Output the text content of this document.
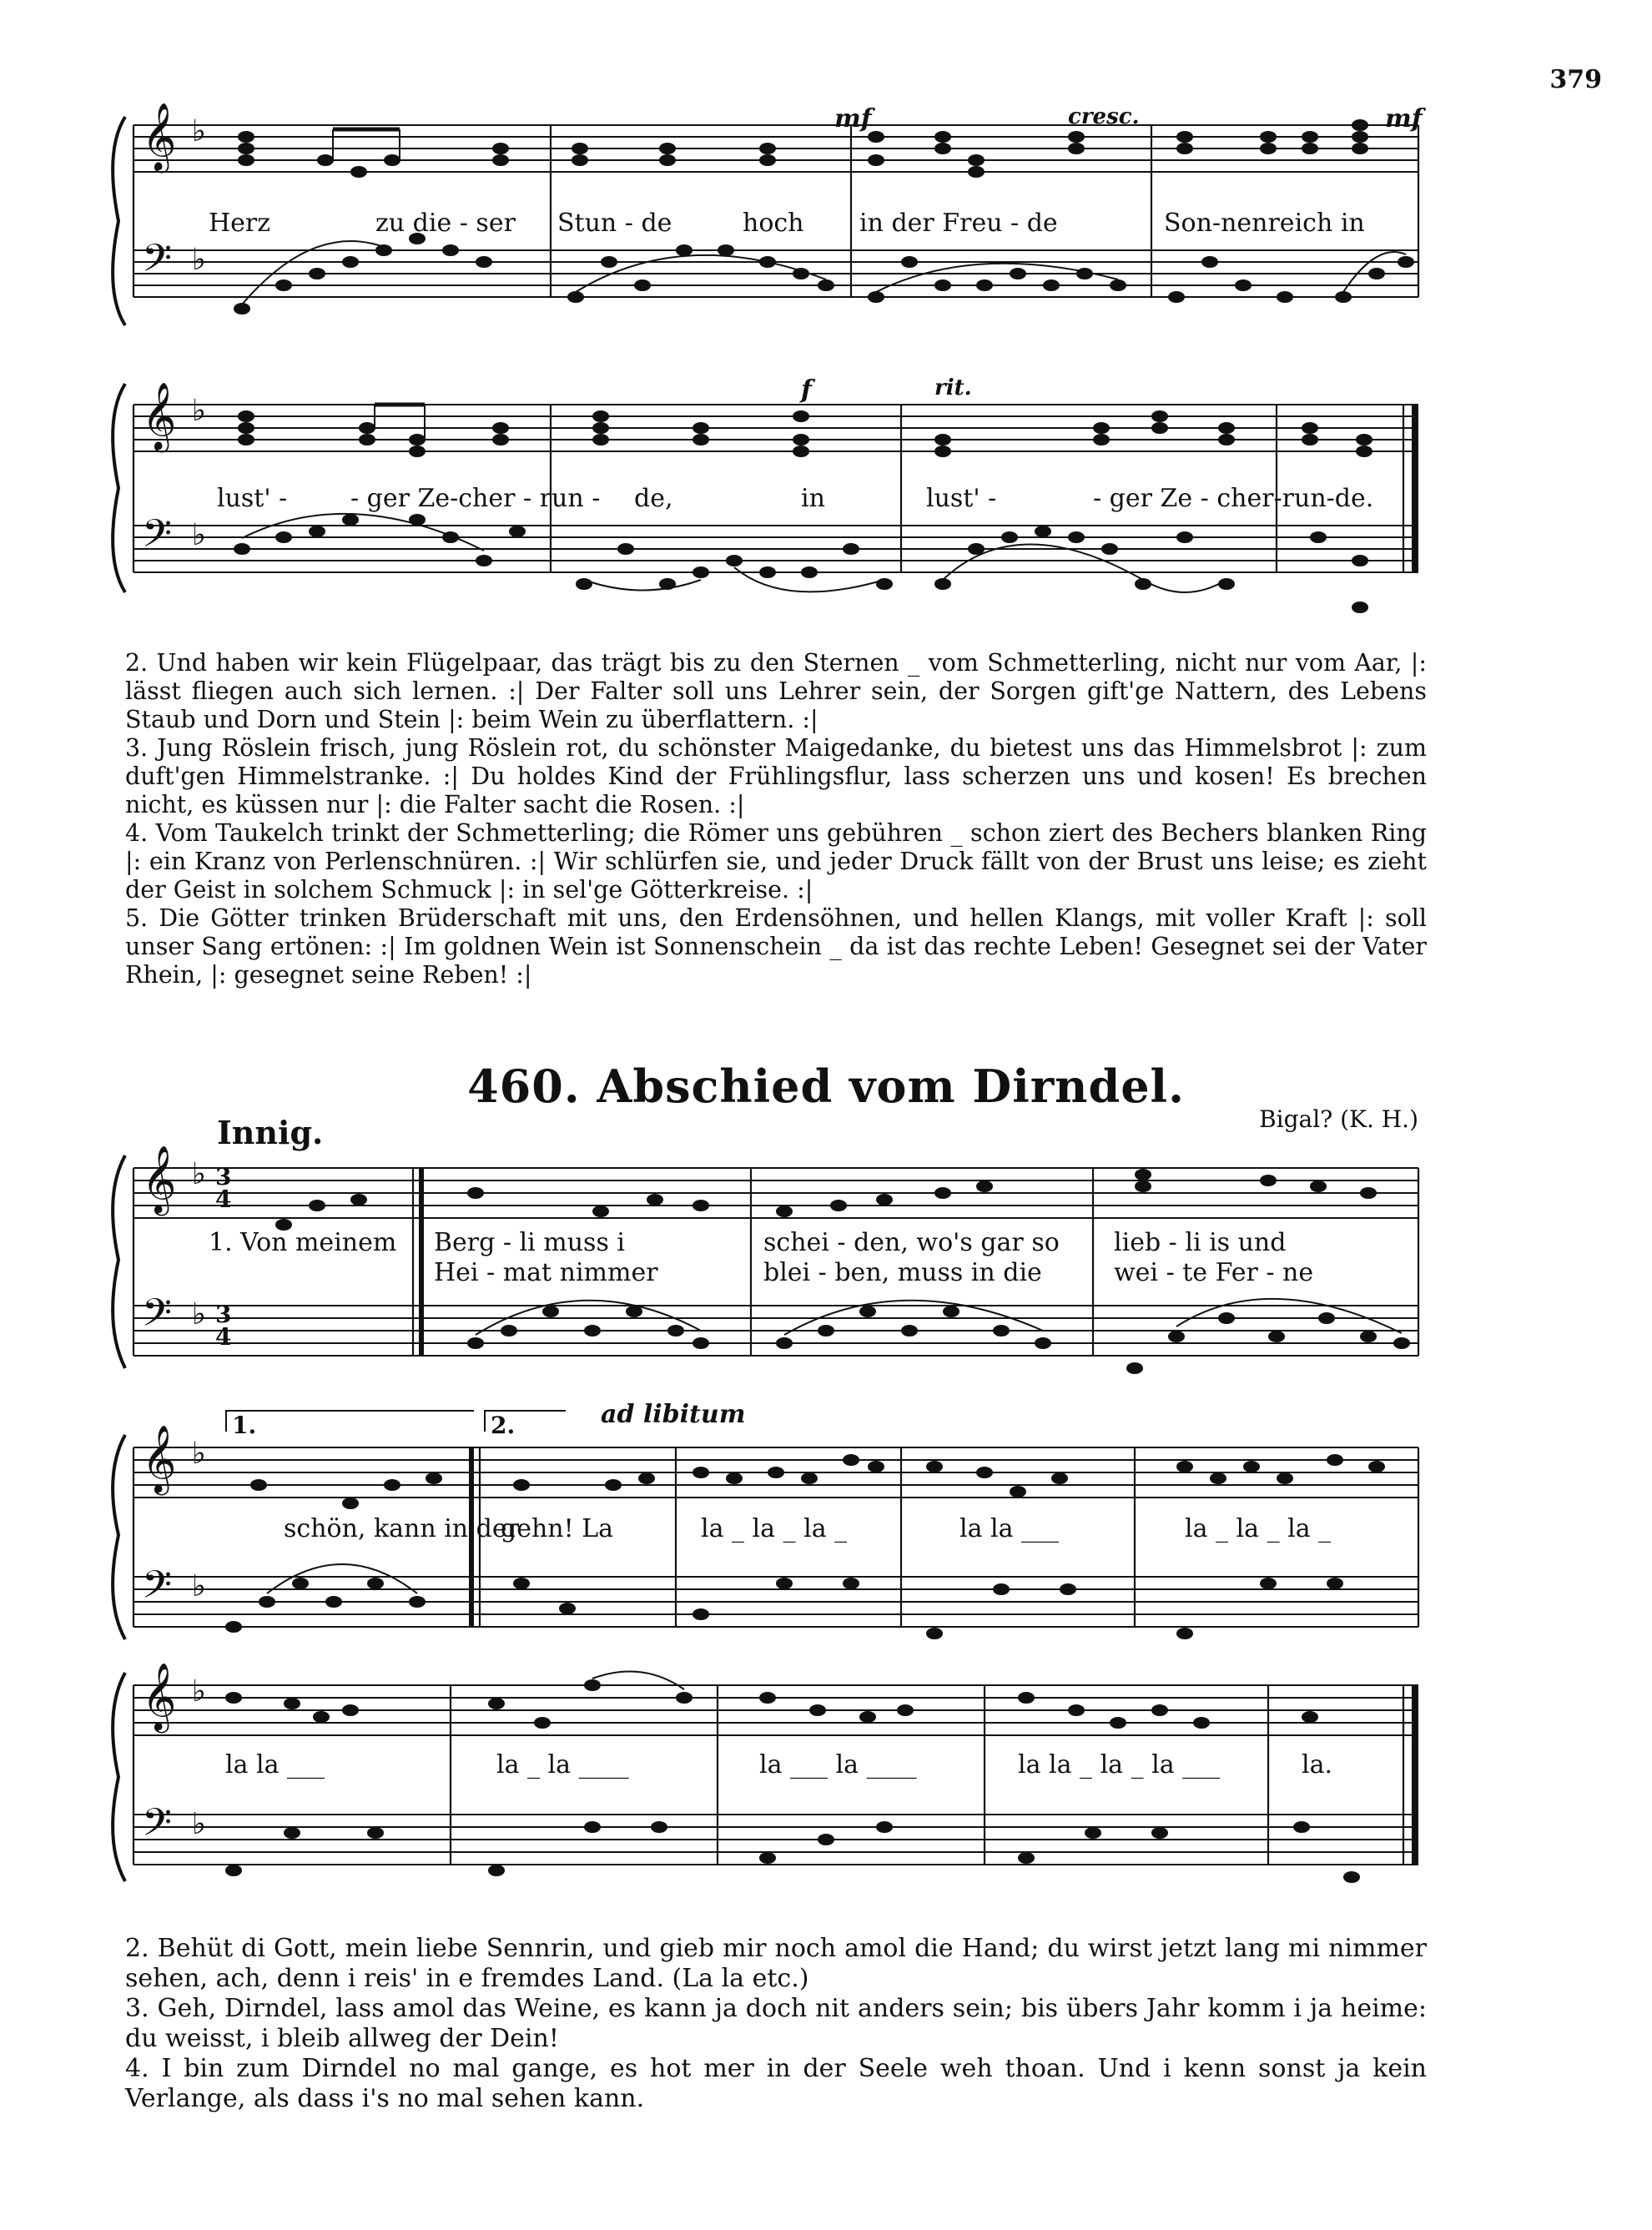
379
𝄞 ♭
𝄢 ♭
mf	cresc.	mf
Herz	zu die - ser Stun - de	hoch in der Freu - de	Son-nenreich in
𝄞 ♭
𝄢 ♭
f	rit.
lust' -	- ger Ze-cher - run - de,	in	lust' -	- ger Ze - cher-run-de.

2. Und haben wir kein Flügelpaar, das trägt bis zu den Sternen _ vom Schmetterling, nicht nur vom Aar, |: lässt fliegen auch sich lernen. :| Der Falter soll uns Lehrer sein, der Sorgen gift'ge Nattern, des Lebens Staub und Dorn und Stein |: beim Wein zu überflattern. :|

3. Jung Röslein frisch, jung Röslein rot, du schönster Maigedanke, du bietest uns das Himmelsbrot |: zum duft'gen Himmelstranke. :| Du holdes Kind der Frühlingsflur, lass scherzen uns und kosen! Es brechen nicht, es küssen nur |: die Falter sacht die Rosen. :|

4. Vom Taukelch trinkt der Schmetterling; die Römer uns gebühren _ schon ziert des Bechers blanken Ring |: ein Kranz von Perlenschnüren. :| Wir schlürfen sie, und jeder Druck fällt von der Brust uns leise; es zieht der Geist in solchem Schmuck |: in sel'ge Götterkreise. :|

5. Die Götter trinken Brüderschaft mit uns, den Erdensöhnen, und hellen Klangs, mit voller Kraft |: soll unser Sang ertönen: :| Im goldnen Wein ist Sonnenschein _ da ist das rechte Leben! Gesegnet sei der Vater Rhein, |: gesegnet seine Reben! :|

460. Abschied vom Dirndel.
Bigal? (K. H.)
Innig.
𝄞 ♭ 3
4
𝄢 ♭ 3
4
1. Von meinem Berg - li muss i	schei - den, wo's gar so lieb - li is und
Hei - mat nimmer	blei - ben, muss in die	wei - te Fer - ne
1.	2.	ad libitum
𝄞 ♭
𝄢 ♭
schön, kann in der
gehn! La	la _ la _ la _	la la ___	la _ la _ la _
𝄞 ♭
𝄢 ♭
la la ___	la _ la ____	la ___ la ____	la la _ la _ la ___	la.

2. Behüt di Gott, mein liebe Sennrin, und gieb mir noch amol die Hand; du wirst jetzt lang mi nimmer sehen, ach, denn i reis' in e fremdes Land. (La la etc.)

3. Geh, Dirndel, lass amol das Weine, es kann ja doch nit anders sein; bis übers Jahr komm i ja heime: du weisst, i bleib allweg der Dein!

4. I bin zum Dirndel no mal gange, es hot mer in der Seele weh thoan. Und i kenn sonst ja kein Verlange, als dass i's no mal sehen kann.
